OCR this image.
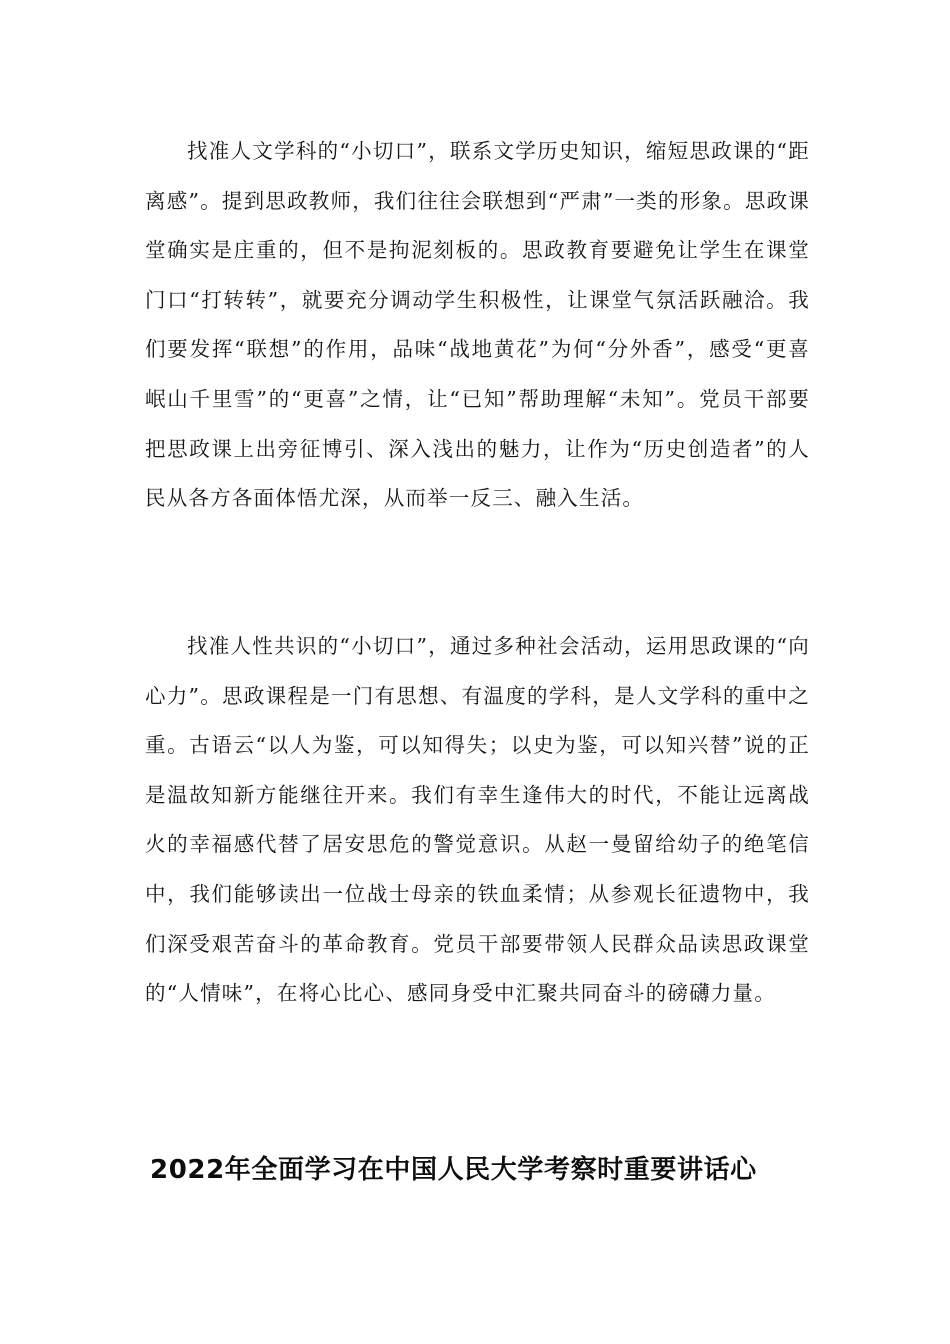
找准人文学科的“小切口”，联系文学历史知识，缩短思政课的“距离感”。提到思政教师，我们往往会联想到“严肃”一类的形象。思政课堂确实是庄重的，但不是拘泥刻板的。思政教育要避免让学生在课堂门口“打转转”，就要充分调动学生积极性，让课堂气氛活跃融洽。我们要发挥“联想”的作用，品味“战地黄花”为何“分外香”，感受“更喜岷山千里雪”的“更喜”之情，让“已知”帮助理解“未知”。党员干部要把思政课上出旁征博引、深入浅出的魅力，让作为“历史创造者”的人民从各方各面体悟尤深，从而举一反三、融入生活。

找准人性共识的“小切口”，通过多种社会活动，运用思政课的“向心力”。思政课程是一门有思想、有温度的学科，是人文学科的重中之重。古语云“以人为鉴，可以知得失；以史为鉴，可以知兴替”说的正是温故知新方能继往开来。我们有幸生逢伟大的时代，不能让远离战火的幸福感代替了居安思危的警觉意识。从赵一曼留给幼子的绝笔信中，我们能够读出一位战士母亲的铁血柔情；从参观长征遗物中，我们深受艰苦奋斗的革命教育。党员干部要带领人民群众品读思政课堂的“人情味”，在将心比心、感同身受中汇聚共同奋斗的磅礴力量。

2022年全面学习在中国人民大学考察时重要讲话心
